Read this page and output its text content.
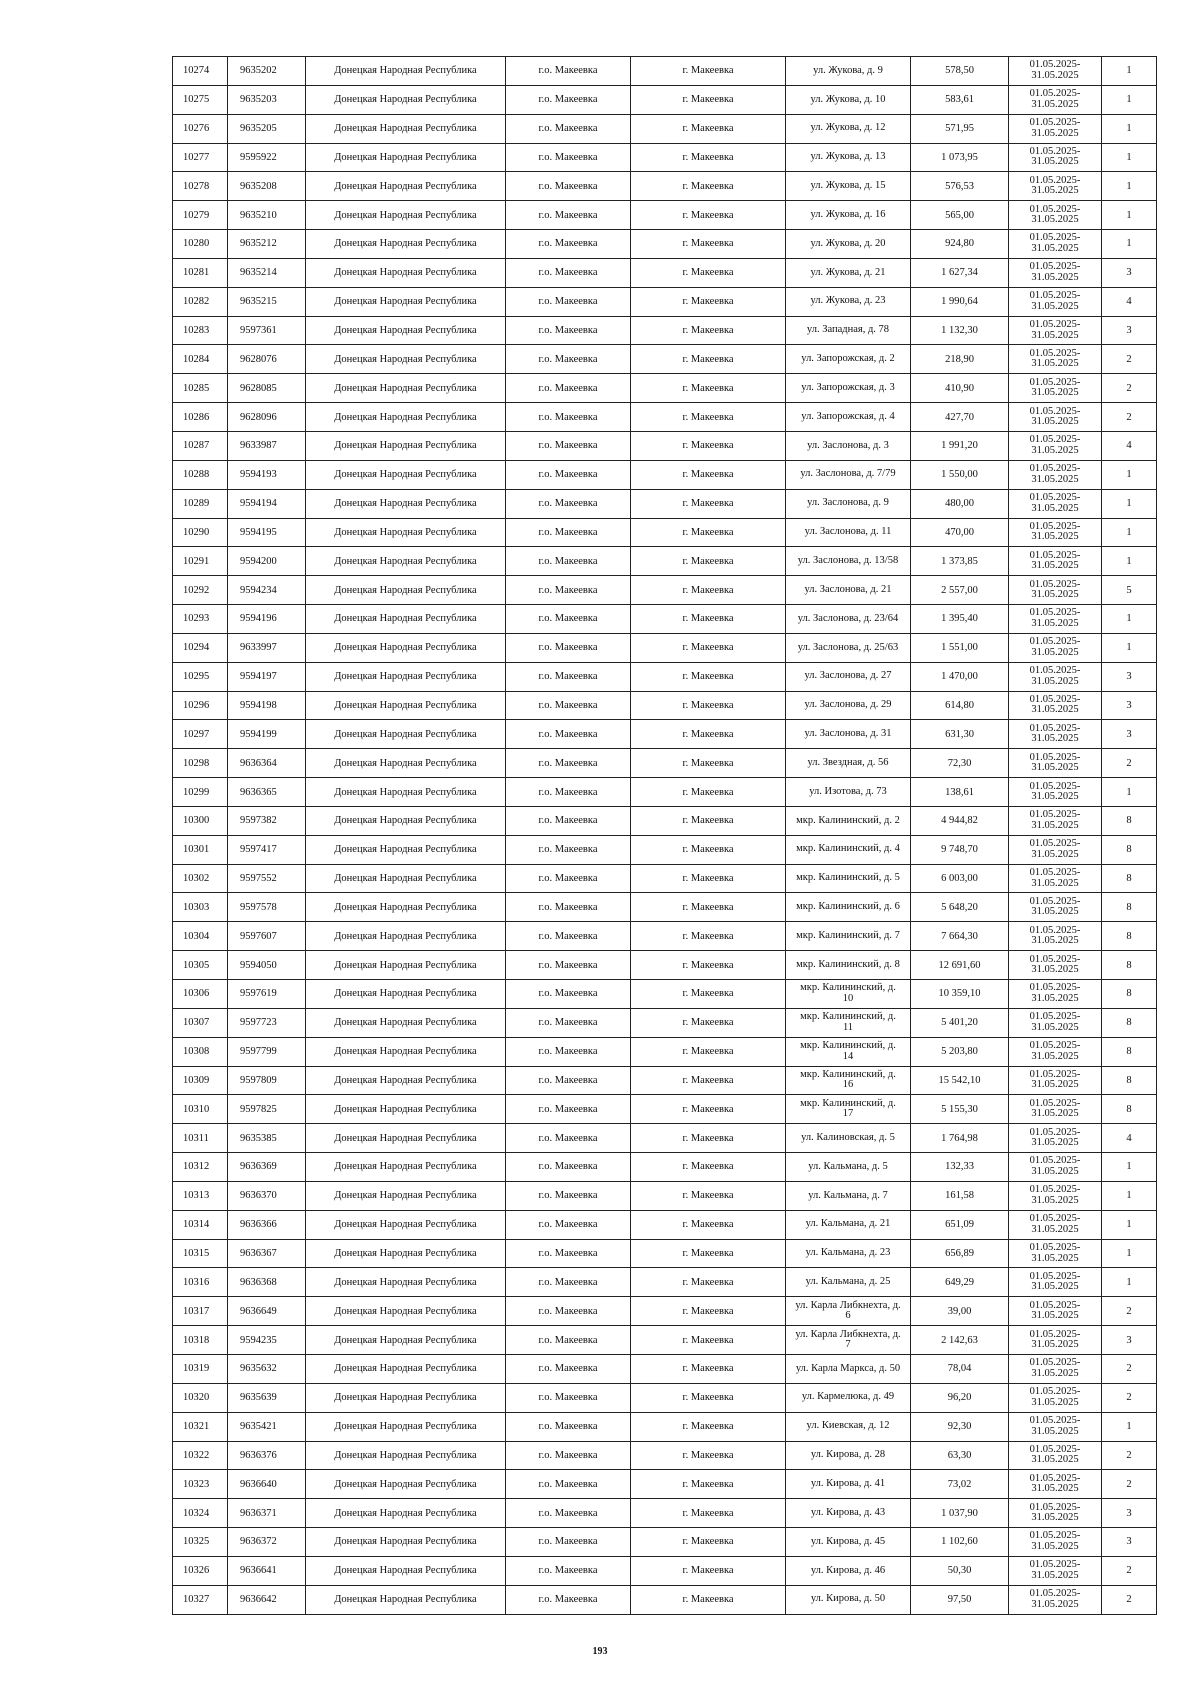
10274	9635202	Донецкая Народная Республика	г.о. Макеевка	г. Макеевка	ул. Жукова, д. 9	578,50	01.05.2025-
31.05.2025	1
10275	9635203	Донецкая Народная Республика	г.о. Макеевка	г. Макеевка	ул. Жукова, д. 10	583,61	01.05.2025-
31.05.2025	1
10276	9635205	Донецкая Народная Республика	г.о. Макеевка	г. Макеевка	ул. Жукова, д. 12	571,95	01.05.2025-
31.05.2025	1
10277	9595922	Донецкая Народная Республика	г.о. Макеевка	г. Макеевка	ул. Жукова, д. 13	1 073,95	01.05.2025-
31.05.2025	1
10278	9635208	Донецкая Народная Республика	г.о. Макеевка	г. Макеевка	ул. Жукова, д. 15	576,53	01.05.2025-
31.05.2025	1
10279	9635210	Донецкая Народная Республика	г.о. Макеевка	г. Макеевка	ул. Жукова, д. 16	565,00	01.05.2025-
31.05.2025	1
10280	9635212	Донецкая Народная Республика	г.о. Макеевка	г. Макеевка	ул. Жукова, д. 20	924,80	01.05.2025-
31.05.2025	1
10281	9635214	Донецкая Народная Республика	г.о. Макеевка	г. Макеевка	ул. Жукова, д. 21	1 627,34	01.05.2025-
31.05.2025	3
10282	9635215	Донецкая Народная Республика	г.о. Макеевка	г. Макеевка	ул. Жукова, д. 23	1 990,64	01.05.2025-
31.05.2025	4
10283	9597361	Донецкая Народная Республика	г.о. Макеевка	г. Макеевка	ул. Западная, д. 78	1 132,30	01.05.2025-
31.05.2025	3
10284	9628076	Донецкая Народная Республика	г.о. Макеевка	г. Макеевка	ул. Запорожская, д. 2	218,90	01.05.2025-
31.05.2025	2
10285	9628085	Донецкая Народная Республика	г.о. Макеевка	г. Макеевка	ул. Запорожская, д. 3	410,90	01.05.2025-
31.05.2025	2
10286	9628096	Донецкая Народная Республика	г.о. Макеевка	г. Макеевка	ул. Запорожская, д. 4	427,70	01.05.2025-
31.05.2025	2
10287	9633987	Донецкая Народная Республика	г.о. Макеевка	г. Макеевка	ул. Заслонова, д. 3	1 991,20	01.05.2025-
31.05.2025	4
10288	9594193	Донецкая Народная Республика	г.о. Макеевка	г. Макеевка	ул. Заслонова, д. 7/79	1 550,00	01.05.2025-
31.05.2025	1
10289	9594194	Донецкая Народная Республика	г.о. Макеевка	г. Макеевка	ул. Заслонова, д. 9	480,00	01.05.2025-
31.05.2025	1
10290	9594195	Донецкая Народная Республика	г.о. Макеевка	г. Макеевка	ул. Заслонова, д. 11	470,00	01.05.2025-
31.05.2025	1
10291	9594200	Донецкая Народная Республика	г.о. Макеевка	г. Макеевка	ул. Заслонова, д. 13/58	1 373,85	01.05.2025-
31.05.2025	1
10292	9594234	Донецкая Народная Республика	г.о. Макеевка	г. Макеевка	ул. Заслонова, д. 21	2 557,00	01.05.2025-
31.05.2025	5
10293	9594196	Донецкая Народная Республика	г.о. Макеевка	г. Макеевка	ул. Заслонова, д. 23/64	1 395,40	01.05.2025-
31.05.2025	1
10294	9633997	Донецкая Народная Республика	г.о. Макеевка	г. Макеевка	ул. Заслонова, д. 25/63	1 551,00	01.05.2025-
31.05.2025	1
10295	9594197	Донецкая Народная Республика	г.о. Макеевка	г. Макеевка	ул. Заслонова, д. 27	1 470,00	01.05.2025-
31.05.2025	3
10296	9594198	Донецкая Народная Республика	г.о. Макеевка	г. Макеевка	ул. Заслонова, д. 29	614,80	01.05.2025-
31.05.2025	3
10297	9594199	Донецкая Народная Республика	г.о. Макеевка	г. Макеевка	ул. Заслонова, д. 31	631,30	01.05.2025-
31.05.2025	3
10298	9636364	Донецкая Народная Республика	г.о. Макеевка	г. Макеевка	ул. Звездная, д. 56	72,30	01.05.2025-
31.05.2025	2
10299	9636365	Донецкая Народная Республика	г.о. Макеевка	г. Макеевка	ул. Изотова, д. 73	138,61	01.05.2025-
31.05.2025	1
10300	9597382	Донецкая Народная Республика	г.о. Макеевка	г. Макеевка	мкр. Калининский, д. 2	4 944,82	01.05.2025-
31.05.2025	8
10301	9597417	Донецкая Народная Республика	г.о. Макеевка	г. Макеевка	мкр. Калининский, д. 4	9 748,70	01.05.2025-
31.05.2025	8
10302	9597552	Донецкая Народная Республика	г.о. Макеевка	г. Макеевка	мкр. Калининский, д. 5	6 003,00	01.05.2025-
31.05.2025	8
10303	9597578	Донецкая Народная Республика	г.о. Макеевка	г. Макеевка	мкр. Калининский, д. 6	5 648,20	01.05.2025-
31.05.2025	8
10304	9597607	Донецкая Народная Республика	г.о. Макеевка	г. Макеевка	мкр. Калининский, д. 7	7 664,30	01.05.2025-
31.05.2025	8
10305	9594050	Донецкая Народная Республика	г.о. Макеевка	г. Макеевка	мкр. Калининский, д. 8	12 691,60	01.05.2025-
31.05.2025	8
10306	9597619	Донецкая Народная Республика	г.о. Макеевка	г. Макеевка	мкр. Калининский, д.
10	10 359,10	01.05.2025-
31.05.2025	8
10307	9597723	Донецкая Народная Республика	г.о. Макеевка	г. Макеевка	мкр. Калининский, д.
11	5 401,20	01.05.2025-
31.05.2025	8
10308	9597799	Донецкая Народная Республика	г.о. Макеевка	г. Макеевка	мкр. Калининский, д.
14	5 203,80	01.05.2025-
31.05.2025	8
10309	9597809	Донецкая Народная Республика	г.о. Макеевка	г. Макеевка	мкр. Калининский, д.
16	15 542,10	01.05.2025-
31.05.2025	8
10310	9597825	Донецкая Народная Республика	г.о. Макеевка	г. Макеевка	мкр. Калининский, д.
17	5 155,30	01.05.2025-
31.05.2025	8
10311	9635385	Донецкая Народная Республика	г.о. Макеевка	г. Макеевка	ул. Калиновская, д. 5	1 764,98	01.05.2025-
31.05.2025	4
10312	9636369	Донецкая Народная Республика	г.о. Макеевка	г. Макеевка	ул. Кальмана, д. 5	132,33	01.05.2025-
31.05.2025	1
10313	9636370	Донецкая Народная Республика	г.о. Макеевка	г. Макеевка	ул. Кальмана, д. 7	161,58	01.05.2025-
31.05.2025	1
10314	9636366	Донецкая Народная Республика	г.о. Макеевка	г. Макеевка	ул. Кальмана, д. 21	651,09	01.05.2025-
31.05.2025	1
10315	9636367	Донецкая Народная Республика	г.о. Макеевка	г. Макеевка	ул. Кальмана, д. 23	656,89	01.05.2025-
31.05.2025	1
10316	9636368	Донецкая Народная Республика	г.о. Макеевка	г. Макеевка	ул. Кальмана, д. 25	649,29	01.05.2025-
31.05.2025	1
10317	9636649	Донецкая Народная Республика	г.о. Макеевка	г. Макеевка	ул. Карла Либкнехта, д.
6	39,00	01.05.2025-
31.05.2025	2
10318	9594235	Донецкая Народная Республика	г.о. Макеевка	г. Макеевка	ул. Карла Либкнехта, д.
7	2 142,63	01.05.2025-
31.05.2025	3
10319	9635632	Донецкая Народная Республика	г.о. Макеевка	г. Макеевка	ул. Карла Маркса, д. 50	78,04	01.05.2025-
31.05.2025	2
10320	9635639	Донецкая Народная Республика	г.о. Макеевка	г. Макеевка	ул. Кармелюка, д. 49	96,20	01.05.2025-
31.05.2025	2
10321	9635421	Донецкая Народная Республика	г.о. Макеевка	г. Макеевка	ул. Киевская, д. 12	92,30	01.05.2025-
31.05.2025	1
10322	9636376	Донецкая Народная Республика	г.о. Макеевка	г. Макеевка	ул. Кирова, д. 28	63,30	01.05.2025-
31.05.2025	2
10323	9636640	Донецкая Народная Республика	г.о. Макеевка	г. Макеевка	ул. Кирова, д. 41	73,02	01.05.2025-
31.05.2025	2
10324	9636371	Донецкая Народная Республика	г.о. Макеевка	г. Макеевка	ул. Кирова, д. 43	1 037,90	01.05.2025-
31.05.2025	3
10325	9636372	Донецкая Народная Республика	г.о. Макеевка	г. Макеевка	ул. Кирова, д. 45	1 102,60	01.05.2025-
31.05.2025	3
10326	9636641	Донецкая Народная Республика	г.о. Макеевка	г. Макеевка	ул. Кирова, д. 46	50,30	01.05.2025-
31.05.2025	2
10327	9636642	Донецкая Народная Республика	г.о. Макеевка	г. Макеевка	ул. Кирова, д. 50	97,50	01.05.2025-
31.05.2025	2
193
